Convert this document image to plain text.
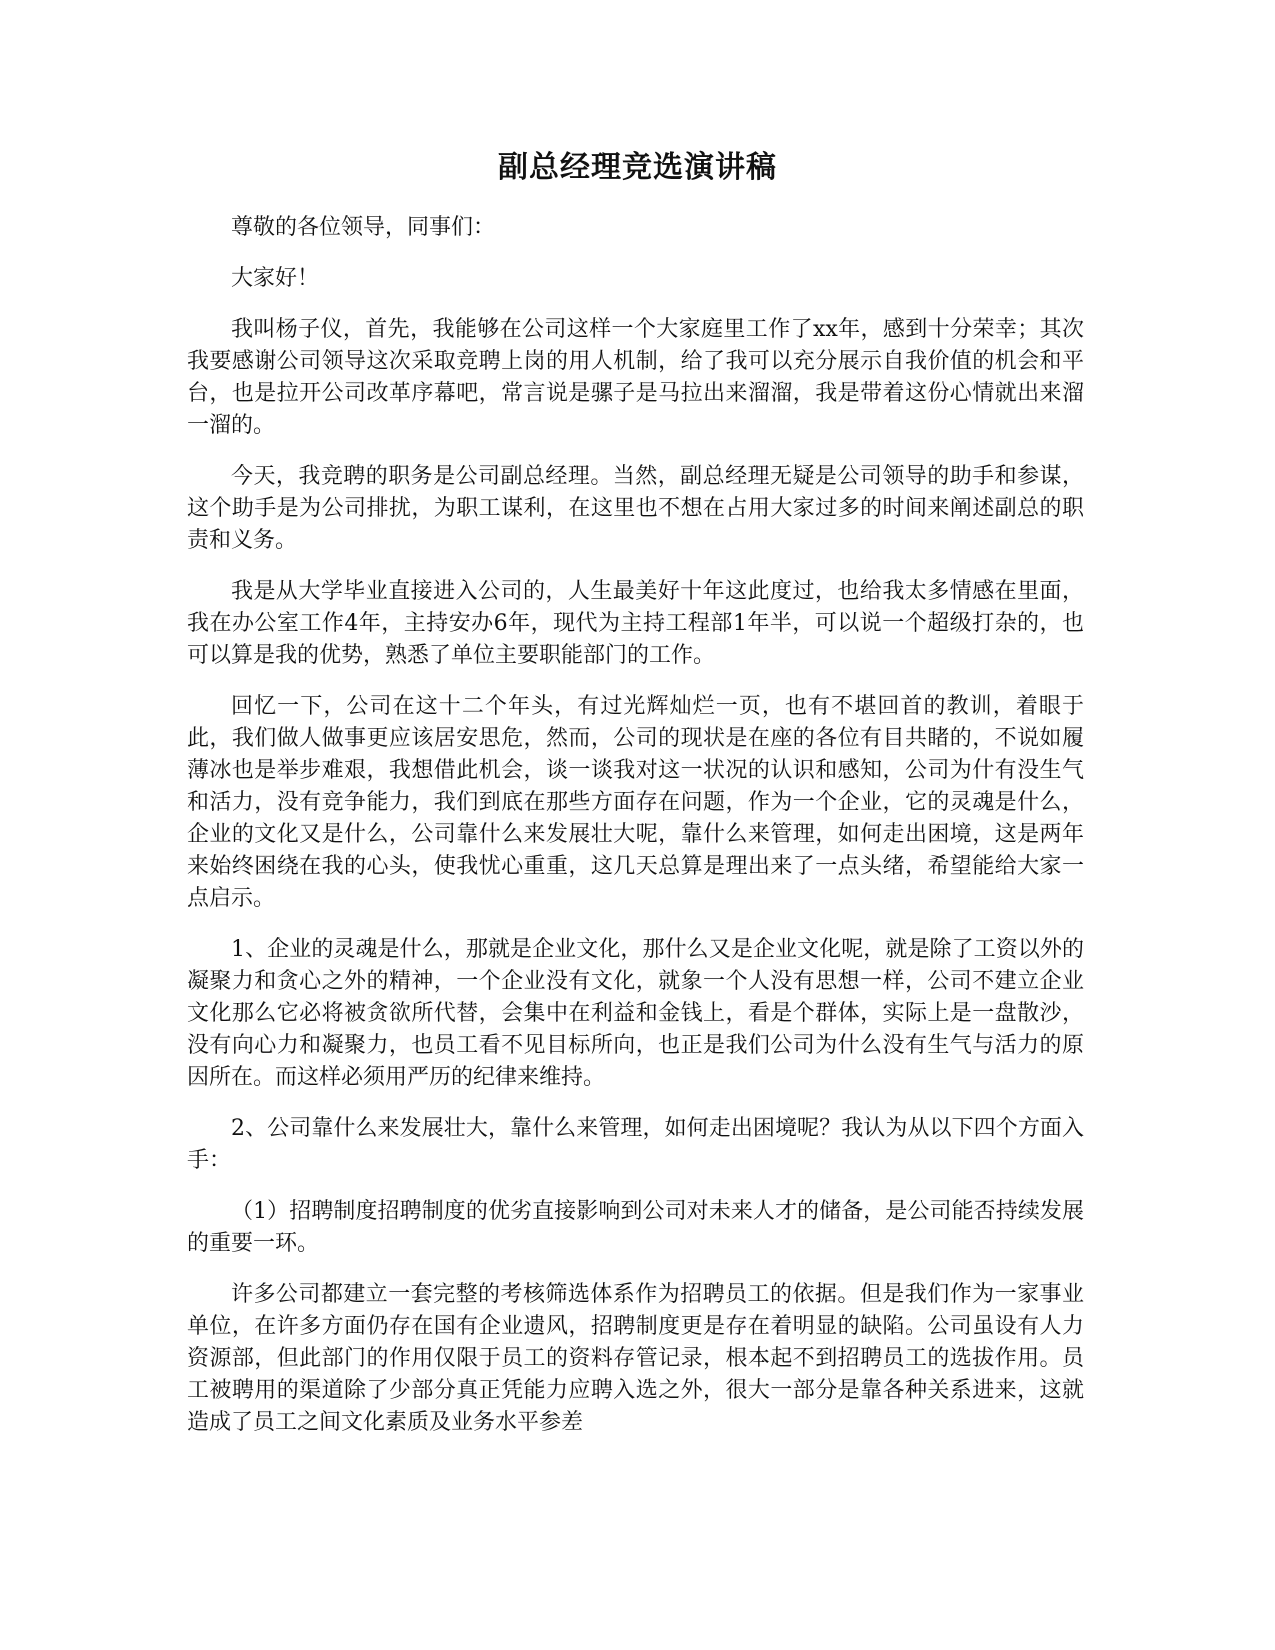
副总经理竞选演讲稿

尊敬的各位领导，同事们：

大家好！

我叫杨子仪，首先，我能够在公司这样一个大家庭里工作了xx年，感到十分荣幸；其次我要感谢公司领导这次采取竞聘上岗的用人机制，给了我可以充分展示自我价值的机会和平台，也是拉开公司改革序幕吧，常言说是骡子是马拉出来溜溜，我是带着这份心情就出来溜一溜的。

今天，我竞聘的职务是公司副总经理。当然，副总经理无疑是公司领导的助手和参谋，这个助手是为公司排扰，为职工谋利，在这里也不想在占用大家过多的时间来阐述副总的职责和义务。

我是从大学毕业直接进入公司的，人生最美好十年这此度过，也给我太多情感在里面，我在办公室工作4年，主持安办6年，现代为主持工程部1年半，可以说一个超级打杂的，也可以算是我的优势，熟悉了单位主要职能部门的工作。

回忆一下，公司在这十二个年头，有过光辉灿烂一页，也有不堪回首的教训，着眼于此，我们做人做事更应该居安思危，然而，公司的现状是在座的各位有目共睹的，不说如履薄冰也是举步难艰，我想借此机会，谈一谈我对这一状况的认识和感知，公司为什有没生气和活力，没有竞争能力，我们到底在那些方面存在问题，作为一个企业，它的灵魂是什么，企业的文化又是什么，公司靠什么来发展壮大呢，靠什么来管理，如何走出困境，这是两年来始终困绕在我的心头，使我忧心重重，这几天总算是理出来了一点头绪，希望能给大家一点启示。

1、企业的灵魂是什么，那就是企业文化，那什么又是企业文化呢，就是除了工资以外的凝聚力和贪心之外的精神，一个企业没有文化，就象一个人没有思想一样，公司不建立企业文化那么它必将被贪欲所代替，会集中在利益和金钱上，看是个群体，实际上是一盘散沙，没有向心力和凝聚力，也员工看不见目标所向，也正是我们公司为什么没有生气与活力的原因所在。而这样必须用严历的纪律来维持。

2、公司靠什么来发展壮大，靠什么来管理，如何走出困境呢？我认为从以下四个方面入手：

（1）招聘制度招聘制度的优劣直接影响到公司对未来人才的储备，是公司能否持续发展的重要一环。

许多公司都建立一套完整的考核筛选体系作为招聘员工的依据。但是我们作为一家事业单位，在许多方面仍存在国有企业遗风，招聘制度更是存在着明显的缺陷。公司虽设有人力资源部，但此部门的作用仅限于员工的资料存管记录，根本起不到招聘员工的选拔作用。员工被聘用的渠道除了少部分真正凭能力应聘入选之外，很大一部分是靠各种关系进来，这就造成了员工之间文化素质及业务水平参差
